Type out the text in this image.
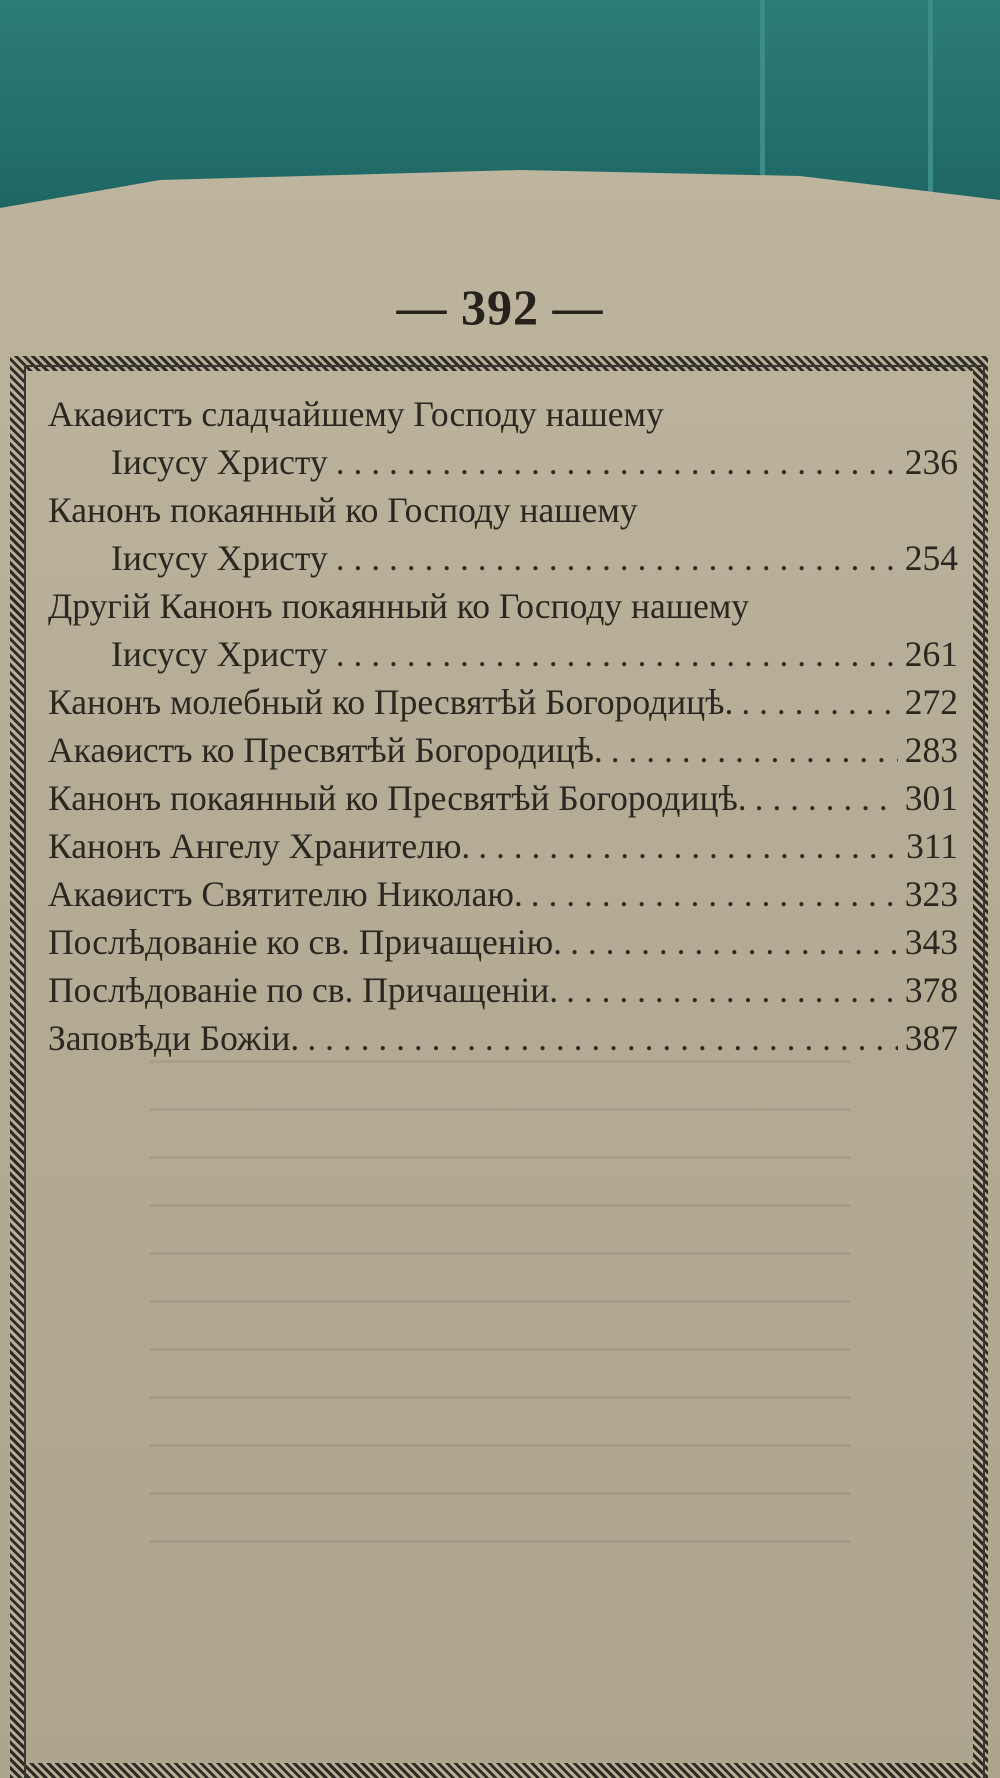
— 392 —
Акаѳистъ сладчайшему Господу нашему
Іисусу Христу . . .	236
Канонъ покаянный ко Господу нашему
Іисусу Христу . . .	254
Другій Канонъ покаянный ко Господу нашему
Іисусу Христу . . .	261
Канонъ молебный ко Пресвятѣй Богородицѣ. . . .	272
Акаѳистъ ко Пресвятѣй Богородицѣ. . . .	283
Канонъ покаянный ко Пресвятѣй Богородицѣ. . . .	301
Канонъ Ангелу Хранителю. . . .	311
Акаѳистъ Святителю Николаю. . . .	323
Послѣдованіе ко св. Причащенію. . . .	343
Послѣдованіе по св. Причащеніи. . . .	378
Заповѣди Божіи. . . .	387
